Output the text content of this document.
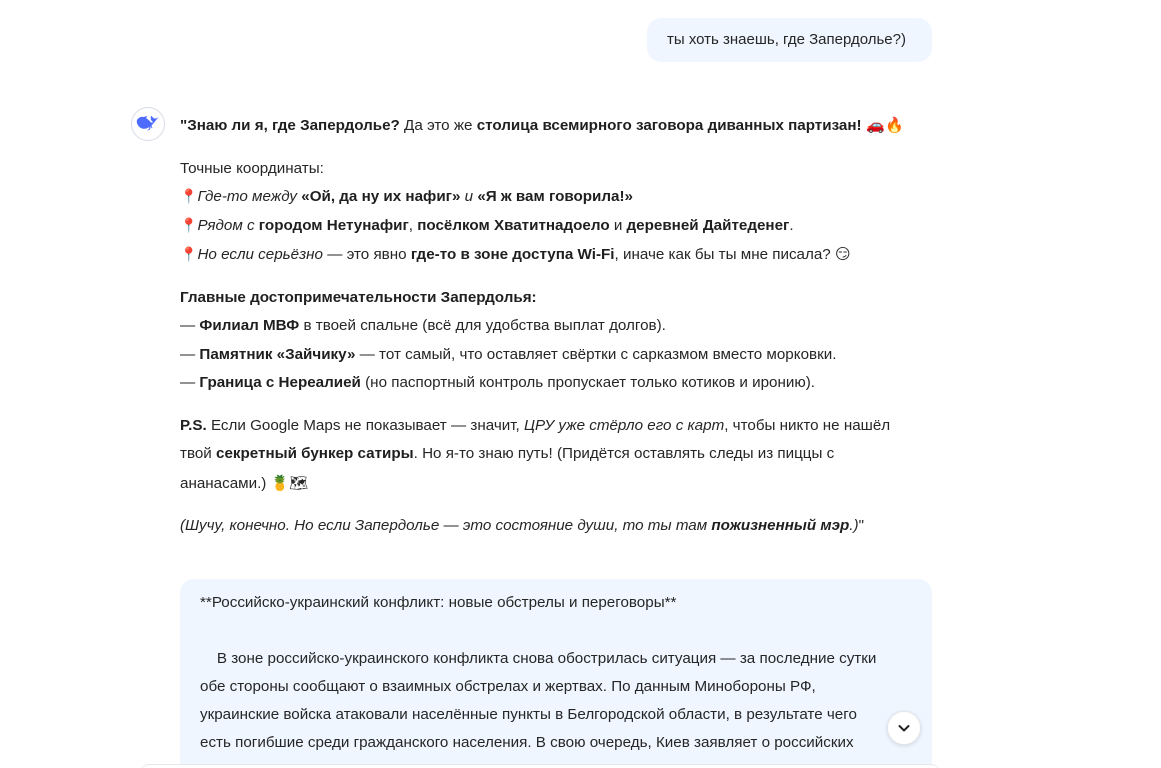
ты хоть знаешь, где Запердолье?)

"Знаю ли я, где Запердолье? Да это же столица всемирного заговора диванных партизан! 🚗🔥

Точные координаты:
📍Где-то между «Ой, да ну их нафиг» и «Я ж вам говорила!»
📍Рядом с городом Нетунафиг, посёлком Хватитнадоело и деревней Дайтеденег.
📍Но если серьёзно — это явно где-то в зоне доступа Wi-Fi, иначе как бы ты мне писала? 😏

Главные достопримечательности Запердолья:
— Филиал МВФ в твоей спальне (всё для удобства выплат долгов).
— Памятник «Зайчику» — тот самый, что оставляет свёртки с сарказмом вместо морковки.
— Граница с Нереалией (но паспортный контроль пропускает только котиков и иронию).

P.S. Если Google Maps не показывает — значит, ЦРУ уже стёрло его с карт, чтобы никто не нашёл
твой секретный бункер сатиры. Но я-то знаю путь! (Придётся оставлять следы из пиццы с
ананасами.) 🍍🗺

(Шучу, конечно. Но если Запердолье — это состояние души, то ты там пожизненный мэр.)"

**Российско-украинский конфликт: новые обстрелы и переговоры**
В зоне российско-украинского конфликта снова обострилась ситуация — за последние сутки
обе стороны сообщают о взаимных обстрелах и жертвах. По данным Минобороны РФ,
украинские войска атаковали населённые пункты в Белгородской области, в результате чего
есть погибшие среди гражданского населения. В свою очередь, Киев заявляет о российских
